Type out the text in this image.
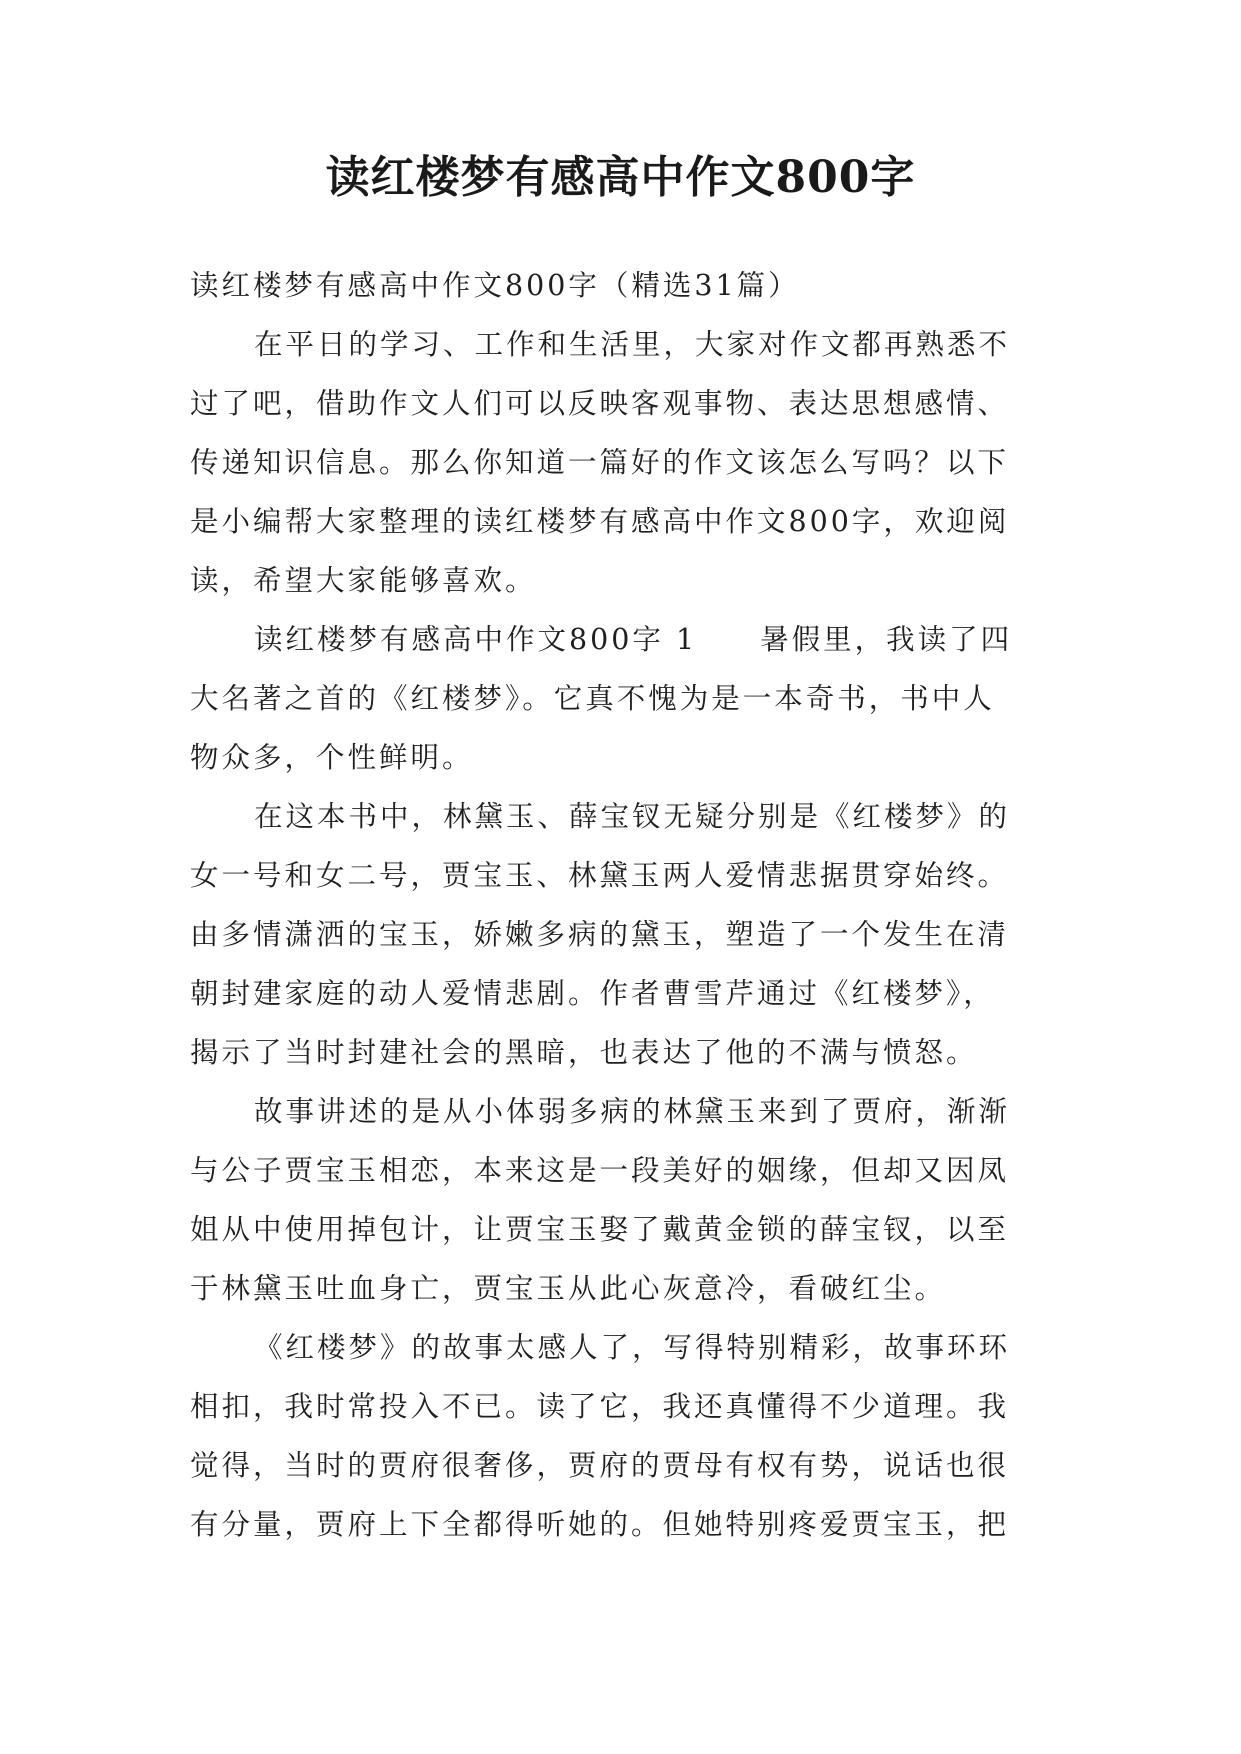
读红楼梦有感高中作文800字
读红楼梦有感高中作文800字（精选31篇）
在平日的学习、工作和生活里，大家对作文都再熟悉不
过了吧，借助作文人们可以反映客观事物、表达思想感情、
传递知识信息。那么你知道一篇好的作文该怎么写吗？以下
是小编帮大家整理的读红楼梦有感高中作文800字，欢迎阅
读，希望大家能够喜欢。
读红楼梦有感高中作文800字 1　　暑假里，我读了四
大名著之首的《红楼梦》。它真不愧为是一本奇书，书中人
物众多，个性鲜明。
在这本书中，林黛玉、薛宝钗无疑分别是《红楼梦》的
女一号和女二号，贾宝玉、林黛玉两人爱情悲据贯穿始终。
由多情潇洒的宝玉，娇嫩多病的黛玉，塑造了一个发生在清
朝封建家庭的动人爱情悲剧。作者曹雪芹通过《红楼梦》，
揭示了当时封建社会的黑暗，也表达了他的不满与愤怒。
故事讲述的是从小体弱多病的林黛玉来到了贾府，渐渐
与公子贾宝玉相恋，本来这是一段美好的姻缘，但却又因凤
姐从中使用掉包计，让贾宝玉娶了戴黄金锁的薛宝钗，以至
于林黛玉吐血身亡，贾宝玉从此心灰意冷，看破红尘。
《红楼梦》的故事太感人了，写得特别精彩，故事环环
相扣，我时常投入不已。读了它，我还真懂得不少道理。我
觉得，当时的贾府很奢侈，贾府的贾母有权有势，说话也很
有分量，贾府上下全都得听她的。但她特别疼爱贾宝玉，把
